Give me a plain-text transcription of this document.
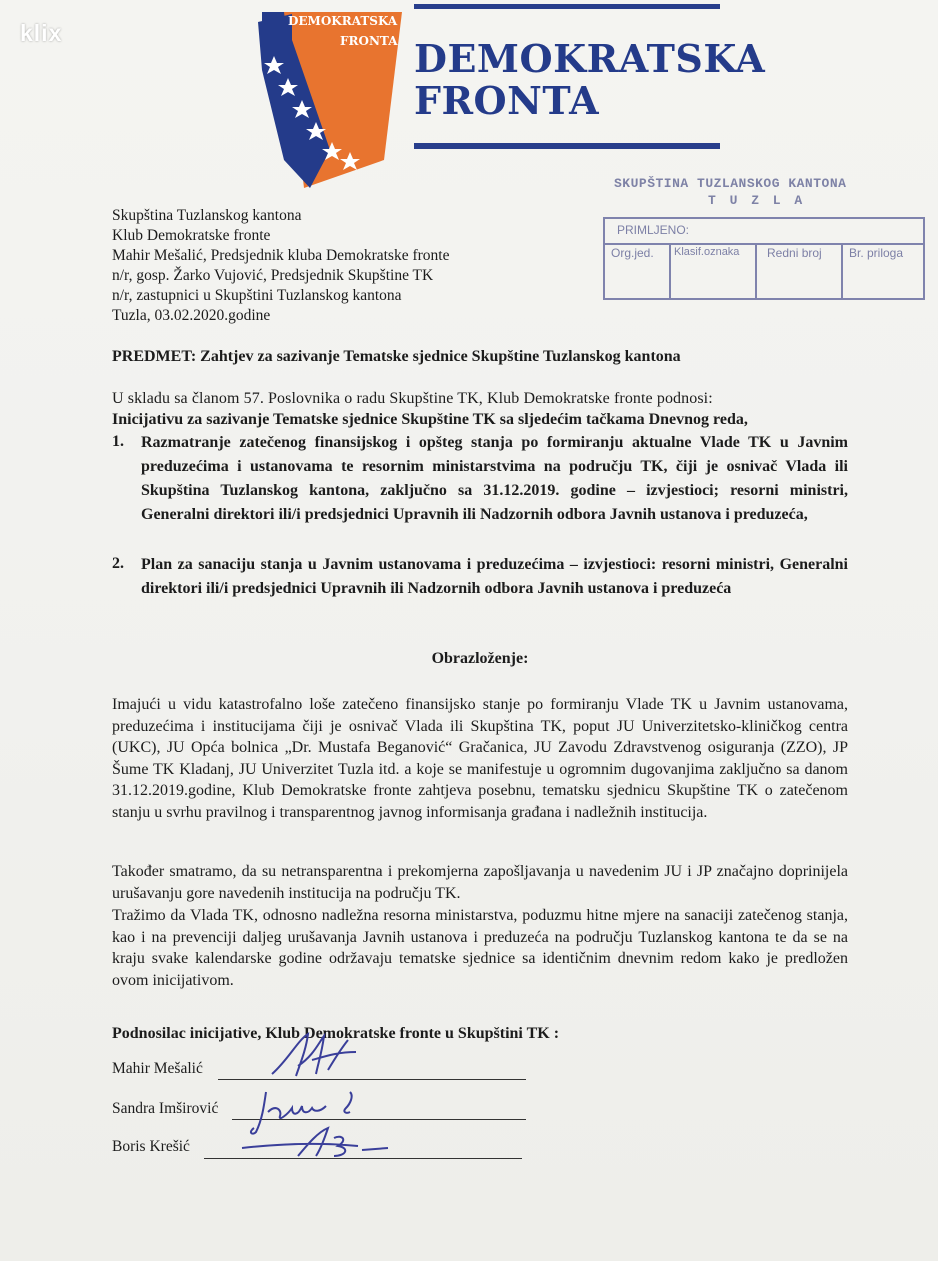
klix	DEMOKRATSKA
FRONTA DEMOKRATSKA
FRONTA
SKUPŠTINA TUZLANSKOG KANTONA
T U Z L A
PRIMLJENO:
Org.jed. Klasif.oznaka Redni broj Br. priloga
Skupština Tuzlanskog kantona
Klub Demokratske fronte
Mahir Mešalić, Predsjednik kluba Demokratske fronte
n/r, gosp. Žarko Vujović, Predsjednik Skupštine TK
n/r, zastupnici u Skupštini Tuzlanskog kantona
Tuzla, 03.02.2020.godine
PREDMET: Zahtjev za sazivanje Tematske sjednice Skupštine Tuzlanskog kantona
U skladu sa članom 57. Poslovnika o radu Skupštine TK, Klub Demokratske fronte podnosi:
Inicijativu za sazivanje Tematske sjednice Skupštine TK sa sljedećim tačkama Dnevnog reda,
1. Razmatranje zatečenog finansijskog i opšteg stanja po formiranju aktualne Vlade TK u Javnim preduzećima i ustanovama te resornim ministarstvima na području TK, čiji je osnivač Vlada ili Skupština Tuzlanskog kantona, zaključno sa 31.12.2019. godine – izvjestioci; resorni ministri, Generalni direktori ili/i predsjednici Upravnih ili Nadzornih odbora Javnih ustanova i preduzeća,
2. Plan za sanaciju stanja u Javnim ustanovama i preduzećima – izvjestioci: resorni ministri, Generalni direktori ili/i predsjednici Upravnih ili Nadzornih odbora Javnih ustanova i preduzeća
Obrazloženje:
Imajući u vidu katastrofalno loše zatečeno finansijsko stanje po formiranju Vlade TK u Javnim ustanovama, preduzećima i institucijama čiji je osnivač Vlada ili Skupština TK, poput JU Univerzitetsko-kliničkog centra (UKC), JU Opća bolnica „Dr. Mustafa Beganović“ Gračanica, JU Zavodu Zdravstvenog osiguranja (ZZO), JP Šume TK Kladanj, JU Univerzitet Tuzla itd. a koje se manifestuje u ogromnim dugovanjima zaključno sa danom 31.12.2019.godine, Klub Demokratske fronte zahtjeva posebnu, tematsku sjednicu Skupštine TK o zatečenom stanju u svrhu pravilnog i transparentnog javnog informisanja građana i nadležnih institucija.
Također smatramo, da su netransparentna i prekomjerna zapošljavanja u navedenim JU i JP značajno doprinijela urušavanju gore navedenih institucija na području TK.
Tražimo da Vlada TK, odnosno nadležna resorna ministarstva, poduzmu hitne mjere na sanaciji zatečenog stanja, kao i na prevenciji daljeg urušavanja Javnih ustanova i preduzeća na području Tuzlanskog kantona te da se na kraju svake kalendarske godine održavaju tematske sjednice sa identičnim dnevnim redom kako je predložen ovom inicijativom.
Podnosilac inicijative, Klub Demokratske fronte u Skupštini TK :
Mahir Mešalić
Sandra Imširović
Boris Krešić
